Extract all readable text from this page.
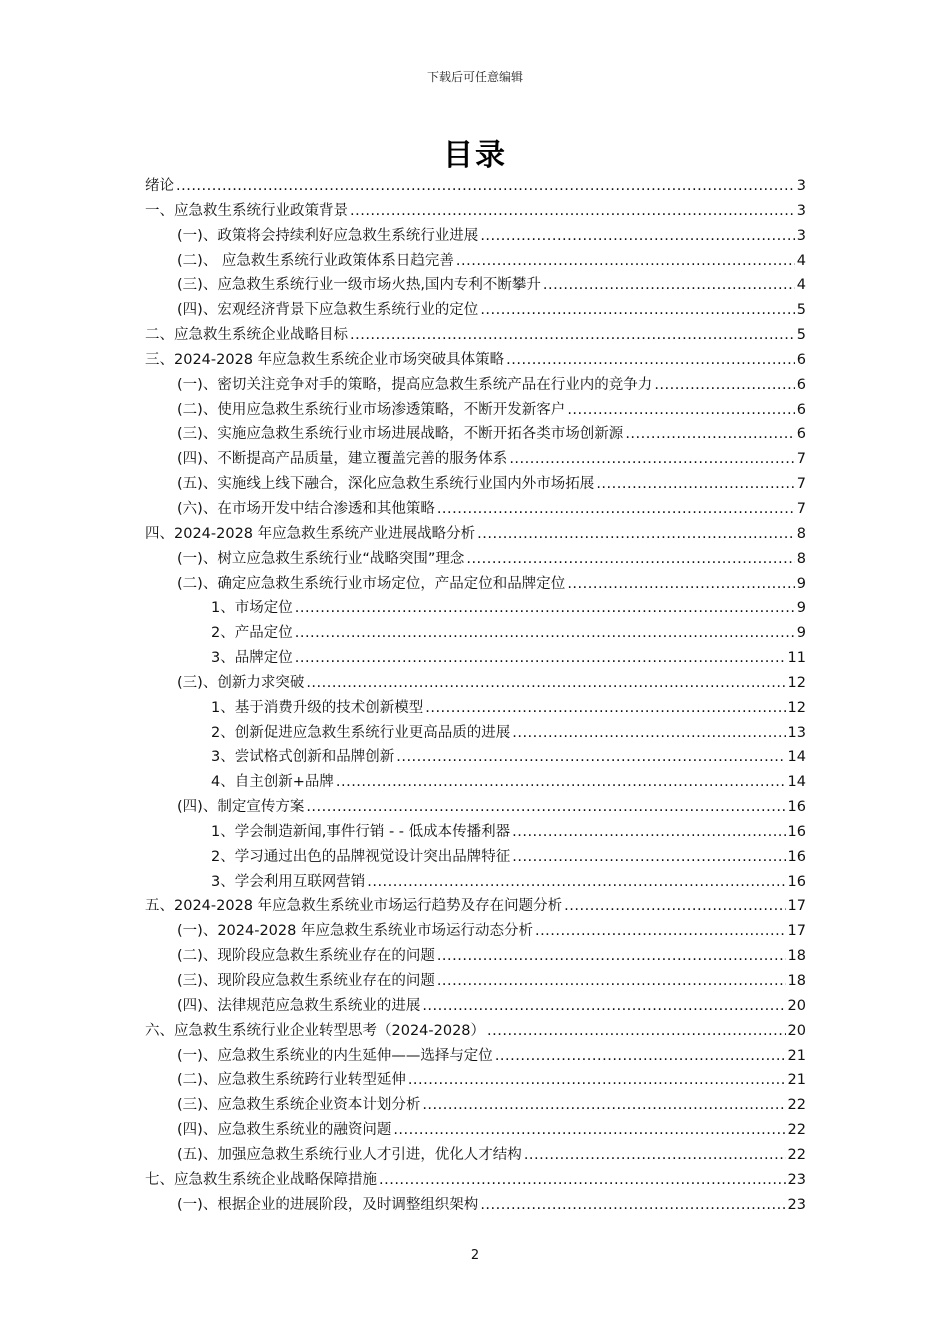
下载后可任意编辑
目录
绪论 .....	3
一、应急救生系统行业政策背景 .....	3
(一)、政策将会持续利好应急救生系统行业进展 .....	3
(二)、 应急救生系统行业政策体系日趋完善 .....	4
(三)、应急救生系统行业一级市场火热,国内专利不断攀升 .....	4
(四)、宏观经济背景下应急救生系统行业的定位 .....	5
二、应急救生系统企业战略目标 .....	5
三、2024-2028 年应急救生系统企业市场突破具体策略 .....	6
(一)、密切关注竞争对手的策略，提高应急救生系统产品在行业内的竞争力 .....	6
(二)、使用应急救生系统行业市场渗透策略，不断开发新客户 .....	6
(三)、实施应急救生系统行业市场进展战略，不断开拓各类市场创新源 .....	6
(四)、不断提高产品质量，建立覆盖完善的服务体系 .....	7
(五)、实施线上线下融合，深化应急救生系统行业国内外市场拓展 .....	7
(六)、在市场开发中结合渗透和其他策略 .....	7
四、2024-2028 年应急救生系统产业进展战略分析 .....	8
(一)、树立应急救生系统行业“战略突围”理念 .....	8
(二)、确定应急救生系统行业市场定位，产品定位和品牌定位 .....	9
1、市场定位 .....	9
2、产品定位 .....	9
3、品牌定位 .....	11
(三)、创新力求突破 .....	12
1、基于消费升级的技术创新模型 .....	12
2、创新促进应急救生系统行业更高品质的进展 .....	13
3、尝试格式创新和品牌创新 .....	14
4、自主创新+品牌 .....	14
(四)、制定宣传方案 .....	16
1、学会制造新闻,事件行销 - - 低成本传播利器 .....	16
2、学习通过出色的品牌视觉设计突出品牌特征 .....	16
3、学会利用互联网营销 .....	16
五、2024-2028 年应急救生系统业市场运行趋势及存在问题分析 .....	17
(一)、2024-2028 年应急救生系统业市场运行动态分析 .....	17
(二)、现阶段应急救生系统业存在的问题 .....	18
(三)、现阶段应急救生系统业存在的问题 .....	18
(四)、法律规范应急救生系统业的进展 .....	20
六、应急救生系统行业企业转型思考（2024-2028） .....	20
(一)、应急救生系统业的内生延伸——选择与定位 .....	21
(二)、应急救生系统跨行业转型延伸 .....	21
(三)、应急救生系统企业资本计划分析 .....	22
(四)、应急救生系统业的融资问题 .....	22
(五)、加强应急救生系统行业人才引进，优化人才结构 .....	22
七、应急救生系统企业战略保障措施 .....	23
(一)、根据企业的进展阶段，及时调整组织架构 .....	23
2
